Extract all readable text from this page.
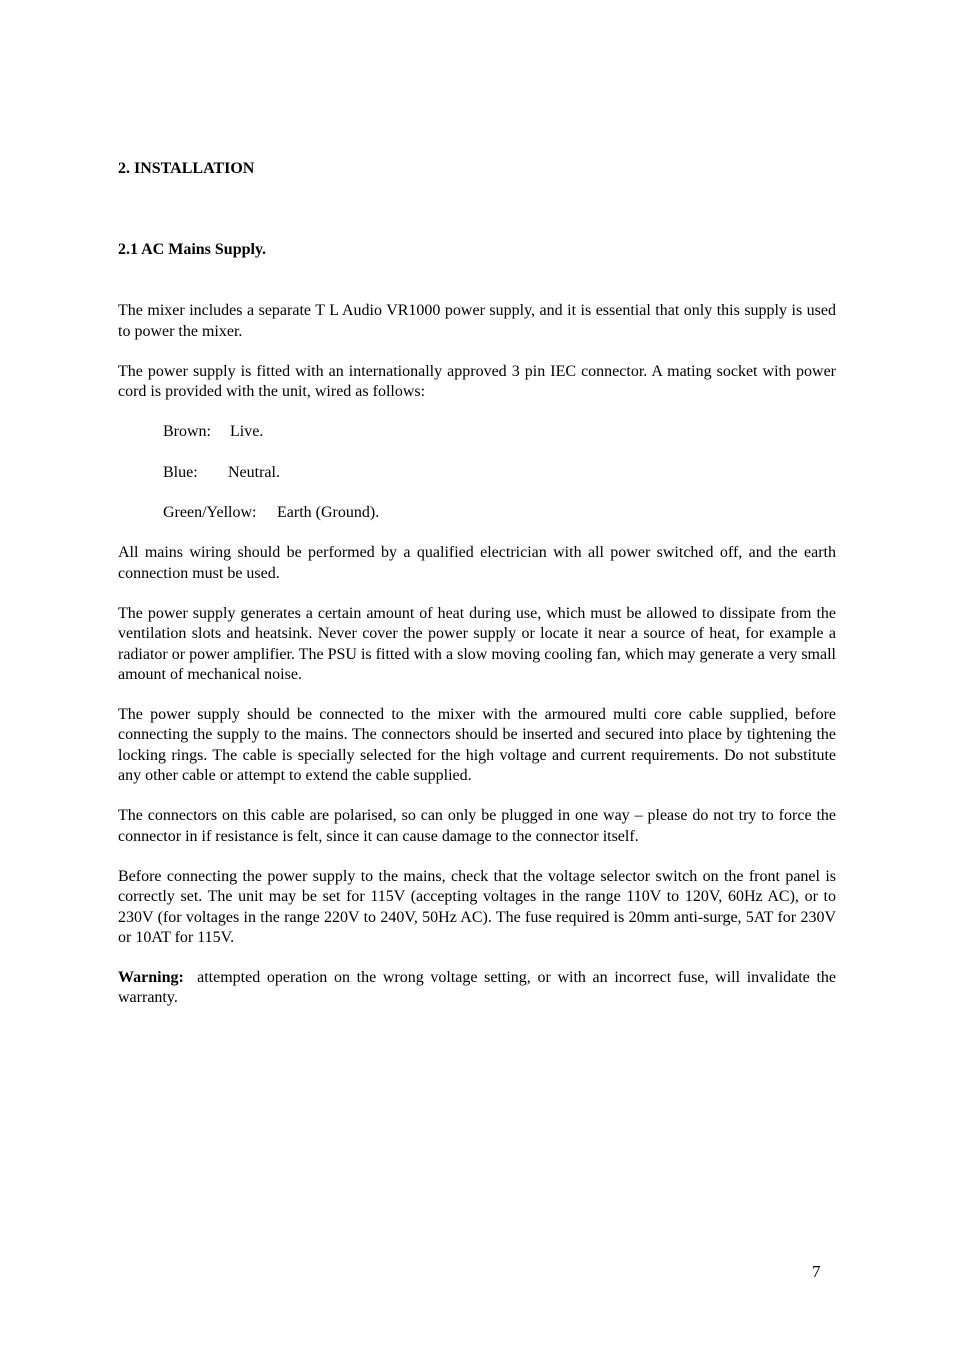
2. INSTALLATION
2.1 AC Mains Supply.

The mixer includes a separate T L Audio VR1000 power supply, and it is essential that only this supply is used to power the mixer.

The power supply is fitted with an internationally approved 3 pin IEC connector. A mating socket with power cord is provided with the unit, wired as follows:

Brown: Live.
Blue: Neutral.
Green/Yellow: Earth (Ground).

All mains wiring should be performed by a qualified electrician with all power switched off, and the earth connection must be used.

The power supply generates a certain amount of heat during use, which must be allowed to dissipate from the ventilation slots and heatsink. Never cover the power supply or locate it near a source of heat, for example a radiator or power amplifier. The PSU is fitted with a slow moving cooling fan, which may generate a very small amount of mechanical noise.

The power supply should be connected to the mixer with the armoured multi core cable supplied, before connecting the supply to the mains. The connectors should be inserted and secured into place by tightening the locking rings. The cable is specially selected for the high voltage and current requirements. Do not substitute any other cable or attempt to extend the cable supplied.

The connectors on this cable are polarised, so can only be plugged in one way – please do not try to force the connector in if resistance is felt, since it can cause damage to the connector itself.

Before connecting the power supply to the mains, check that the voltage selector switch on the front panel is correctly set. The unit may be set for 115V (accepting voltages in the range 110V to 120V, 60Hz AC), or to 230V (for voltages in the range 220V to 240V, 50Hz AC). The fuse required is 20mm anti-surge, 5AT for 230V or 10AT for 115V.

Warning: attempted operation on the wrong voltage setting, or with an incorrect fuse, will invalidate the warranty.

7
